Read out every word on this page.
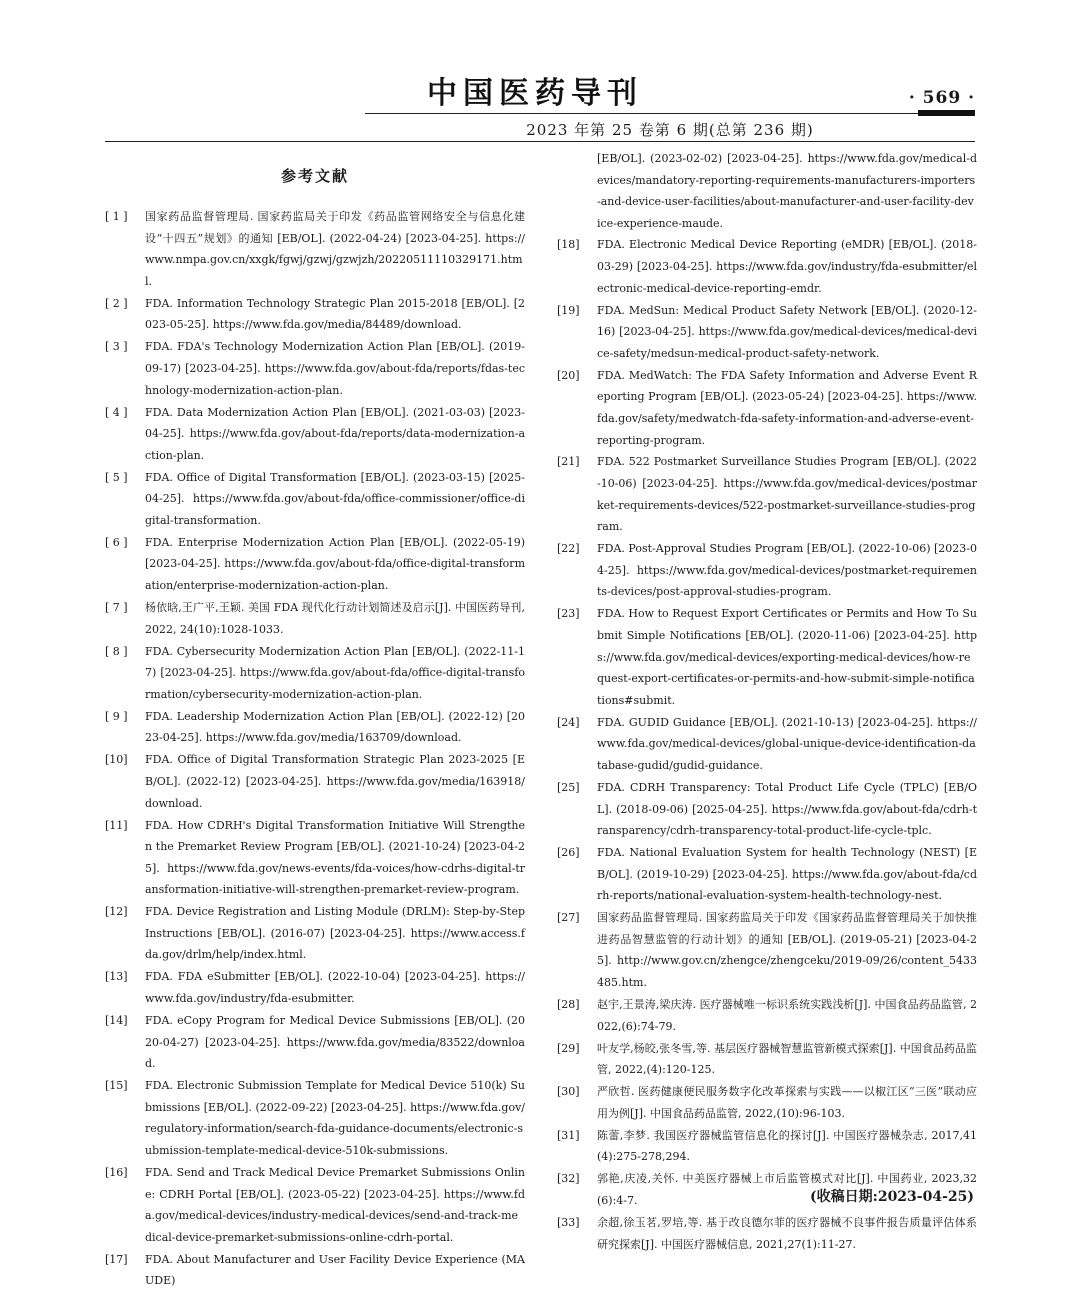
中国医药导刊	· 569 ·
2023 年第 25 卷第 6 期(总第 236 期)
参考文献
[ 1 ]	国家药品监督管理局. 国家药监局关于印发《药品监管网络安全与信息化建设“十四五”规划》的通知 [EB/OL]. (2022-04-24) [2023-04-25]. https://www.nmpa.gov.cn/xxgk/fgwj/gzwj/gzwjzh/20220511110329171.html.
[ 2 ]	FDA. Information Technology Strategic Plan 2015-2018 [EB/OL]. [2023-05-25]. https://www.fda.gov/media/84489/download.
[ 3 ]	FDA. FDA's Technology Modernization Action Plan [EB/OL]. (2019-09-17) [2023-04-25]. https://www.fda.gov/about-fda/reports/fdas-technology-modernization-action-plan.
[ 4 ]	FDA. Data Modernization Action Plan [EB/OL]. (2021-03-03) [2023-04-25]. https://www.fda.gov/about-fda/reports/data-modernization-action-plan.
[ 5 ]	FDA. Office of Digital Transformation [EB/OL]. (2023-03-15) [2025-04-25]. https://www.fda.gov/about-fda/office-commissioner/office-digital-transformation.
[ 6 ]	FDA. Enterprise Modernization Action Plan [EB/OL]. (2022-05-19) [2023-04-25]. https://www.fda.gov/about-fda/office-digital-transformation/enterprise-modernization-action-plan.
[ 7 ]	杨依晗,王广平,王颖. 美国 FDA 现代化行动计划简述及启示[J]. 中国医药导刊, 2022, 24(10):1028-1033.
[ 8 ]	FDA. Cybersecurity Modernization Action Plan [EB/OL]. (2022-11-17) [2023-04-25]. https://www.fda.gov/about-fda/office-digital-transformation/cybersecurity-modernization-action-plan.
[ 9 ]	FDA. Leadership Modernization Action Plan [EB/OL]. (2022-12) [2023-04-25]. https://www.fda.gov/media/163709/download.
[10]	FDA. Office of Digital Transformation Strategic Plan 2023-2025 [EB/OL]. (2022-12) [2023-04-25]. https://www.fda.gov/media/163918/download.
[11]	FDA. How CDRH's Digital Transformation Initiative Will Strengthen the Premarket Review Program [EB/OL]. (2021-10-24) [2023-04-25]. https://www.fda.gov/news-events/fda-voices/how-cdrhs-digital-transformation-initiative-will-strengthen-premarket-review-program.
[12]	FDA. Device Registration and Listing Module (DRLM): Step-by-Step Instructions [EB/OL]. (2016-07) [2023-04-25]. https://www.access.fda.gov/drlm/help/index.html.
[13]	FDA. FDA eSubmitter [EB/OL]. (2022-10-04) [2023-04-25]. https://www.fda.gov/industry/fda-esubmitter.
[14]	FDA. eCopy Program for Medical Device Submissions [EB/OL]. (2020-04-27) [2023-04-25]. https://www.fda.gov/media/83522/download.
[15]	FDA. Electronic Submission Template for Medical Device 510(k) Submissions [EB/OL]. (2022-09-22) [2023-04-25]. https://www.fda.gov/regulatory-information/search-fda-guidance-documents/electronic-submission-template-medical-device-510k-submissions.
[16]	FDA. Send and Track Medical Device Premarket Submissions Online: CDRH Portal [EB/OL]. (2023-05-22) [2023-04-25]. https://www.fda.gov/medical-devices/industry-medical-devices/send-and-track-medical-device-premarket-submissions-online-cdrh-portal.
[17]	FDA. About Manufacturer and User Facility Device Experience (MAUDE)
[EB/OL]. (2023-02-02) [2023-04-25]. https://www.fda.gov/medical-devices/mandatory-reporting-requirements-manufacturers-importers-and-device-user-facilities/about-manufacturer-and-user-facility-device-experience-maude.
[18]	FDA. Electronic Medical Device Reporting (eMDR) [EB/OL]. (2018-03-29) [2023-04-25]. https://www.fda.gov/industry/fda-esubmitter/electronic-medical-device-reporting-emdr.
[19]	FDA. MedSun: Medical Product Safety Network [EB/OL]. (2020-12-16) [2023-04-25]. https://www.fda.gov/medical-devices/medical-device-safety/medsun-medical-product-safety-network.
[20]	FDA. MedWatch: The FDA Safety Information and Adverse Event Reporting Program [EB/OL]. (2023-05-24) [2023-04-25]. https://www.fda.gov/safety/medwatch-fda-safety-information-and-adverse-event-reporting-program.
[21]	FDA. 522 Postmarket Surveillance Studies Program [EB/OL]. (2022-10-06) [2023-04-25]. https://www.fda.gov/medical-devices/postmarket-requirements-devices/522-postmarket-surveillance-studies-program.
[22]	FDA. Post-Approval Studies Program [EB/OL]. (2022-10-06) [2023-04-25]. https://www.fda.gov/medical-devices/postmarket-requirements-devices/post-approval-studies-program.
[23]	FDA. How to Request Export Certificates or Permits and How To Submit Simple Notifications [EB/OL]. (2020-11-06) [2023-04-25]. https://www.fda.gov/medical-devices/exporting-medical-devices/how-request-export-certificates-or-permits-and-how-submit-simple-notifications#submit.
[24]	FDA. GUDID Guidance [EB/OL]. (2021-10-13) [2023-04-25]. https://www.fda.gov/medical-devices/global-unique-device-identification-database-gudid/gudid-guidance.
[25]	FDA. CDRH Transparency: Total Product Life Cycle (TPLC) [EB/OL]. (2018-09-06) [2025-04-25]. https://www.fda.gov/about-fda/cdrh-transparency/cdrh-transparency-total-product-life-cycle-tplc.
[26]	FDA. National Evaluation System for health Technology (NEST) [EB/OL]. (2019-10-29) [2023-04-25]. https://www.fda.gov/about-fda/cdrh-reports/national-evaluation-system-health-technology-nest.
[27]	国家药品监督管理局. 国家药监局关于印发《国家药品监督管理局关于加快推进药品智慧监管的行动计划》的通知 [EB/OL]. (2019-05-21) [2023-04-25]. http://www.gov.cn/zhengce/zhengceku/2019-09/26/content_5433485.htm.
[28]	赵宇,王景涛,梁庆涛. 医疗器械唯一标识系统实践浅析[J]. 中国食品药品监管, 2022,(6):74-79.
[29]	叶友学,杨皎,张冬雪,等. 基层医疗器械智慧监管新模式探索[J]. 中国食品药品监管, 2022,(4):120-125.
[30]	严欣哲. 医药健康便民服务数字化改革探索与实践——以椒江区“三医”联动应用为例[J]. 中国食品药品监管, 2022,(10):96-103.
[31]	陈蕾,李梦. 我国医疗器械监管信息化的探讨[J]. 中国医疗器械杂志, 2017,41(4):275-278,294.
[32]	郭艳,庆凌,关怀. 中美医疗器械上市后监管模式对比[J]. 中国药业, 2023,32(6):4-7.
[33]	余超,徐玉茗,罗培,等. 基于改良德尔菲的医疗器械不良事件报告质量评估体系研究探索[J]. 中国医疗器械信息, 2021,27(1):11-27.
(收稿日期:2023-04-25)
